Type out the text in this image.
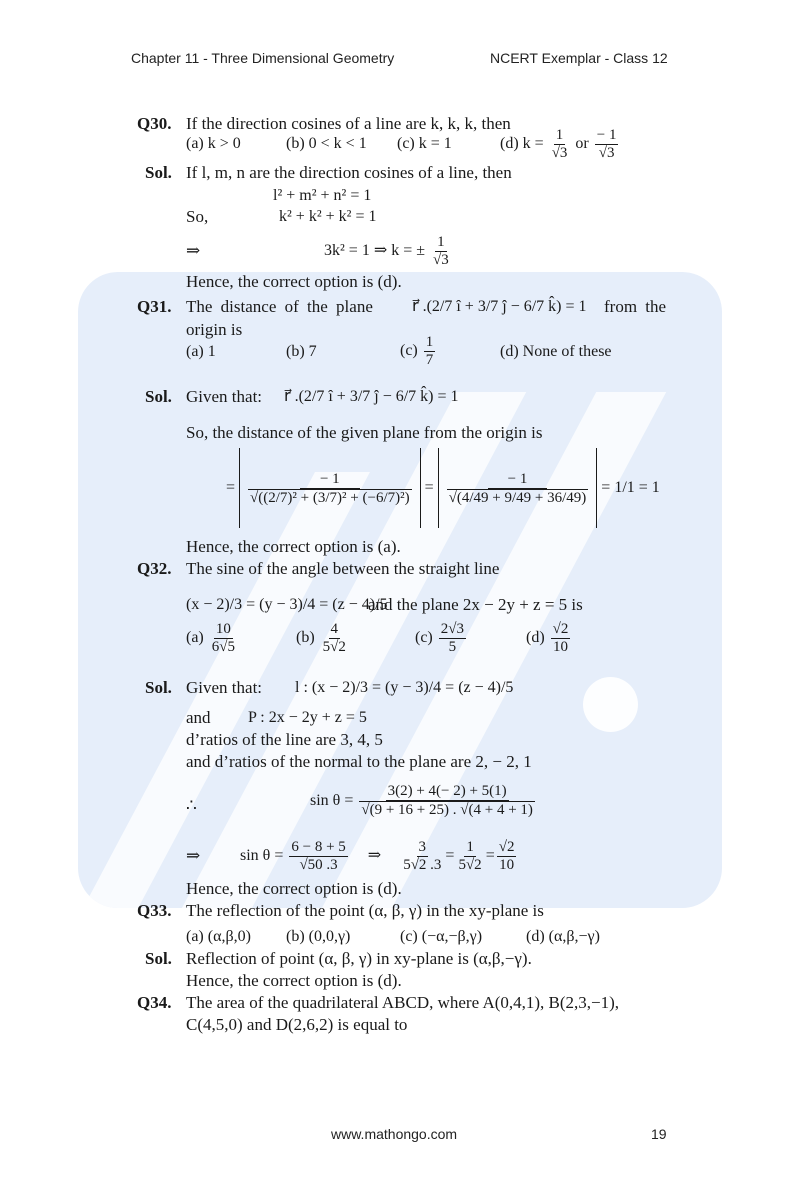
Chapter 11 - Three Dimensional Geometry	NCERT Exemplar - Class 12
Q30. If the direction cosines of a line are k, k, k, then
(a) k > 0	(b) 0 < k < 1 (c) k = 1	(d) $k = \frac{1}{√3}$ or $\frac{- 1}{√3}$
Sol. If l, m, n are the direction cosines of a line, then
l² + m² + n² = 1
So,	k² + k² + k² = 1
⇒	3k² = 1 ⇒ k = ± $\frac{1}{√3}$
Hence, the correct option is (d).
Q31. The distance of the plane r⃗ .(2/7 î + 3/7 ĵ − 6/7 k̂) = 1 from the
origin is
(a) 1	(b) 7	$(c) \frac{1}{7}$	(d) None of these
Sol. Given that: r⃗ .(2/7 î + 3/7 ĵ − 6/7 k̂) = 1
So, the distance of the given plane from the origin is
= $\frac{- 1}{\text{√((2/7)² + (3/7)² + (−6/7)²)}} = \frac{- 1}{√(4/49 + 9/49 + 36/49)} = 1/1 = 1$
Hence, the correct option is (a).
Q32. The sine of the angle between the straight line
(x − 2)/3 = (y − 3)/4 = (z − 4)/5
and the plane 2x − 2y + z = 5 is
$(a) \frac{10}{6√5}$	$(b) \frac{4}{5√2}$	$(c) \frac{2√3}{5}$	$(d) \frac{√2}{10}$
Sol. Given that: l : (x − 2)/3 = (y − 3)/4 = (z − 4)/5
and P : 2x − 2y + z = 5
d’ratios of the line are 3, 4, 5
and d’ratios of the normal to the plane are 2, − 2, 1
∴	$\sin \theta = \frac{3(2) + 4(- 2) + 5(1)}{√(9 + 16 + 25) . √(4 + 4 + 1)}$
⇒ $\sin \theta = \frac{6 - 8 + 5}{√50 .3}$ ⇒ $\frac{3}{5√2 .3} = \frac{1}{5√2} = \frac{√2}{10}$
Hence, the correct option is (d).
Q33. The reflection of the point (α, β, γ) in the xy-plane is
(a) (α,β,0) (b) (0,0,γ)	(c) (−α,−β,γ)	(d) (α,β,−γ)
Sol. Reflection of point (α, β, γ) in xy-plane is (α,β,−γ).
Hence, the correct option is (d).
Q34. The area of the quadrilateral ABCD, where A(0,4,1), B(2,3,−1),
C(4,5,0) and D(2,6,2) is equal to
www.mathongo.com	19
